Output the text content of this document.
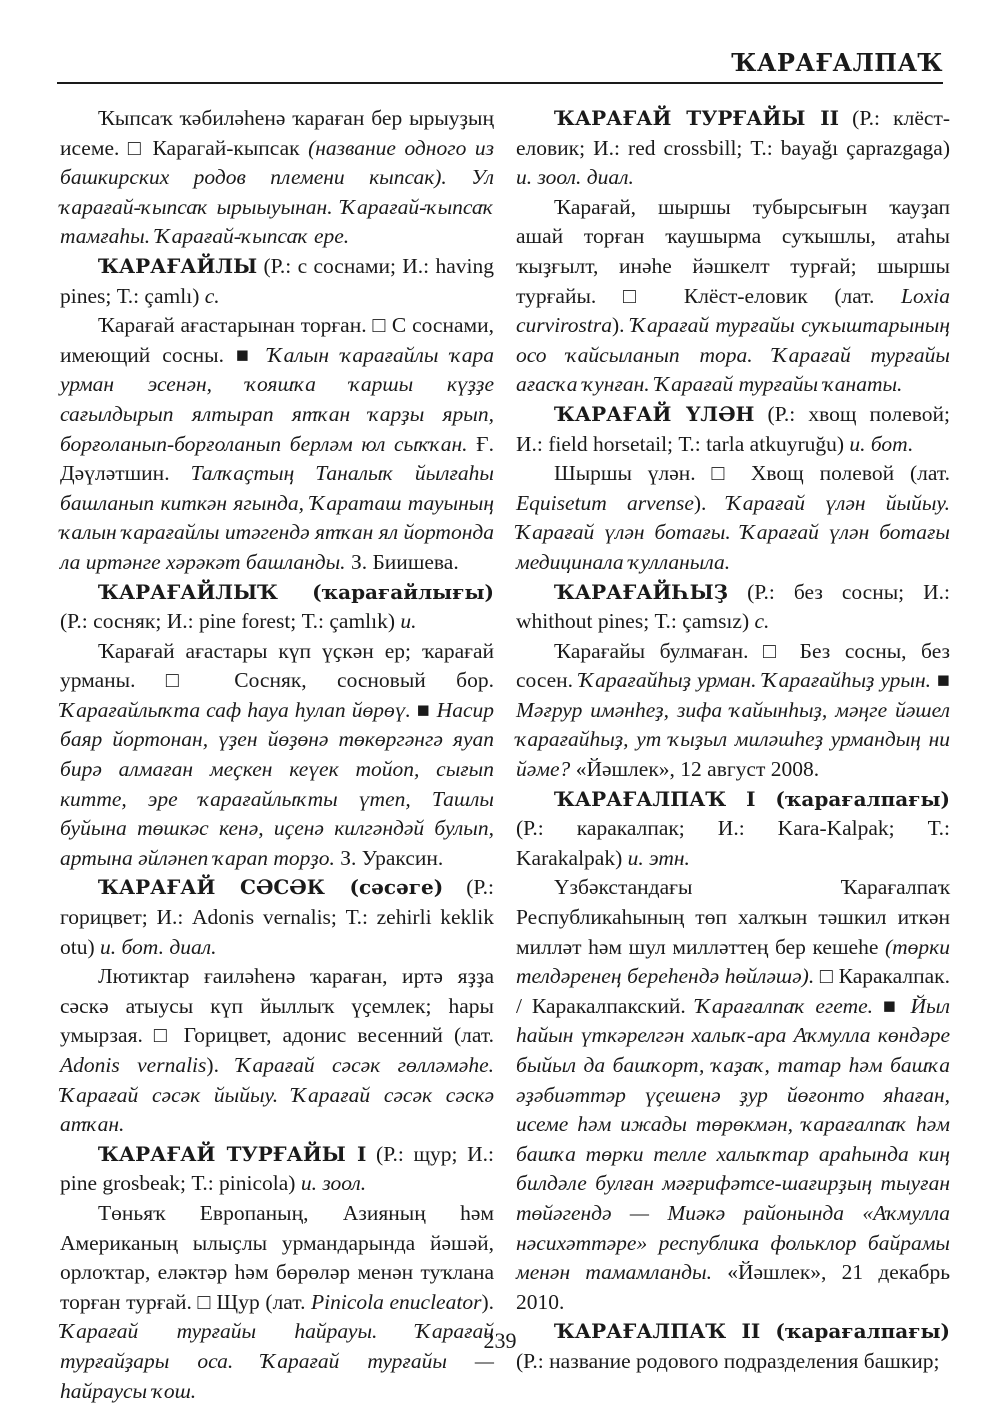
ҠАРАҒАЛПАҠ

Ҡыпсаҡ ҡәбиләһенә ҡараған бер ырыуҙың исеме. □ Карагай-кыпсак (название одного из башкирских родов племени кыпсак). Ул ҡарағай-ҡыпсаҡ ырыыуынан. Ҡарағай-ҡыпсаҡ тамғаһы. Ҡарағай-ҡыпсаҡ ере.

ҠАРАҒАЙЛЫ (Р.: с соснами; И.: having pines; Т.: çamlı) с.

Ҡарағай ағастарынан торған. □ С соснами, имеющий сосны. ■ Ҡалын ҡарағайлы ҡара урман эсенән, ҡояшҡа ҡаршы күҙҙе сағылдырып ялтырап ятҡан ҡарҙы ярып, борғоланып-борғоланып берләм юл сыҡҡан. Ғ. Дәүләтшин. Талҡаҫтың Таналыҡ йылғаһы башланып киткән ягында, Ҡараташ тауының ҡалын ҡарағайлы итәгендә ятҡан ял йортонда ла иртәнге хәрәкәт башланды. З. Биишева.

ҠАРАҒАЙЛЫҠ (ҡарағайлығы) (Р.: сосняк; И.: pine forest; Т.: çamlık) и.

Ҡарағай ағастары күп үҫкән ер; ҡарағай урманы. □ Сосняк, сосновый бор. Ҡарағайлыҡта саф һауа һулап йөрөү. ■ Насир баяр йортонан, үҙен йөҙөнә төкөргәнгә яуап бирә алмаған меҫкен кеүек тойоп, сығып китте, эре ҡарағайлыҡты үтеп, Ташлы буйына төшкәс кенә, иҫенә килгәндәй булып, артына әйләнеп ҡарап торҙо. З. Ураксин.

ҠАРАҒАЙ СӘСӘК (сәсәге) (Р.: горицвет; И.: Adonis vernalis; Т.: zehirli keklik otu) и. бот. диал.

Лютиктар ғаиләһенә ҡараған, иртә яҙҙа сәскә атыусы күп йыллыҡ үҫемлек; һары умырзая. □ Горицвет, адонис весенний (лат. Adonis vernalis). Ҡарағай сәсәк гөлләмәһе. Ҡарағай сәсәк йыйыу. Ҡарағай сәсәк сәскә атҡан.

ҠАРАҒАЙ ТУРҒАЙЫ I (Р.: щур; И.: pine grosbeak; Т.: pinicola) и. зоол.

Төньяҡ Европаның, Азияның һәм Американың ылыҫлы урмандарында йәшәй, орлоҡтар, еләктәр һәм бөрөләр менән туҡлана торған турғай. □ Щур (лат. Pinicola enucleator). Ҡарағай турғайы һайрауы. Ҡарағай турғайҙары оса. Ҡарағай турғайы — һайраусы ҡош.

ҠАРАҒАЙ ТУРҒАЙЫ II (Р.: клёст-еловик; И.: red crossbill; Т.: bayağı çaprazgaga) и. зоол. диал.

Ҡарағай, шыршы тубырсығын ҡауҙап ашай торған ҡаушырма суҡышлы, атаһы ҡыҙғылт, инәһе йәшкелт турғай; шыршы турғайы. □ Клёст-еловик (лат. Loxia curvirostra). Ҡарағай турғайы суҡыштарының осо ҡайсыланып тора. Ҡарағай турғайы ағасҡа ҡунған. Ҡарағай турғайы ҡанаты.

ҠАРАҒАЙ ҮЛӘН (Р.: хвощ полевой; И.: field horsetail; Т.: tarla atkuyruğu) и. бот.

Шыршы үлән. □ Хвощ полевой (лат. Equisetum arvense). Ҡарағай үлән йыйыу. Ҡарағай үлән ботағы. Ҡарағай үлән ботағы медицинала ҡулланыла.

ҠАРАҒАЙҺЫҘ (Р.: без сосны; И.: whithout pines; Т.: çamsız) с.

Ҡарағайы булмаған. □ Без сосны, без сосен. Ҡарағайһыҙ урман. Ҡарағайһыҙ урын. ■ Мәғрур имәнһеҙ, зифа ҡайынһыҙ, мәңге йәшел ҡарағайһыҙ, ут ҡыҙыл миләшһеҙ урмандың ни йәме? «Йәшлек», 12 август 2008.

ҠАРАҒАЛПАҠ I (ҡарағалпағы) (Р.: каракалпак; И.: Kara-Kalpak; Т.: Karakalpak) и. этн.

Үзбәкстандағы Ҡарағалпаҡ Республикаһының төп халҡын тәшкил иткән милләт һәм шул милләттең бер кешеһе (төрки телдәренең береһендә һөйләшә). □ Каракалпак. / Каракалпакский. Ҡарағалпаҡ егете. ■ Йыл һайын үткәрелгән халыҡ-ара Аҡмулла көндәре быйыл да башҡорт, ҡаҙаҡ, татар һәм башҡа әҙәбиәттәр үҫешенә ҙур йөғонто яһаған, исеме һәм ижады төрөкмән, ҡарағалпаҡ һәм башҡа төрки телле халыҡтар араһында киң билдәле булған мәғрифәтсе-шағирҙың тыуған төйәгендә — Миәкә районында «Аҡмулла нәсихәттәре» республика фольклор байрамы менән тамамланды. «Йәшлек», 21 декабрь 2010.

ҠАРАҒАЛПАҠ II (ҡарағалпағы) (Р.: название родового подразделения башкир;

239
